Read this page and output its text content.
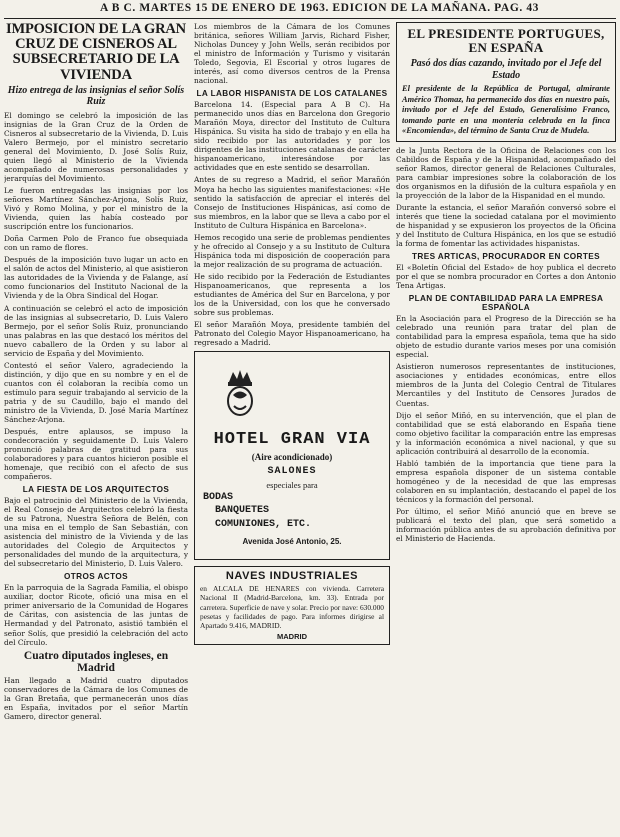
A B C. MARTES 15 DE ENERO DE 1963. EDICION DE LA MAÑANA. PAG. 43
IMPOSICION DE LA GRAN CRUZ DE CISNEROS AL SUBSECRETARIO DE LA VIVIENDA
Hizo entrega de las insignias el señor Solís Ruiz

El domingo se celebró la imposición de las insignias de la Gran Cruz de la Orden de Cisneros al subsecretario de la Vivienda, D. Luis Valero Bermejo, por el ministro secretario general del Movimiento, D. José Solís Ruiz, quien llegó al Ministerio de la Vivienda acompañado de numerosas personalidades y jerarquías del Movimiento.

Le fueron entregadas las insignias por los señores Martínez Sánchez-Arjona, Solís Ruiz, Vivó y Romo Molina, y por el ministro de la Vivienda, quien las había costeado por suscripción entre los funcionarios.

Doña Carmen Polo de Franco fue obsequiada con un ramo de flores.

Después de la imposición tuvo lugar un acto en el salón de actos del Ministerio, al que asistieron las autoridades de la Vivienda y de Falange, así como funcionarios del Instituto Nacional de la Vivienda y de la Obra Sindical del Hogar.

A continuación se celebró el acto de imposición de las insignias al subsecretario, D. Luis Valero Bermejo, por el señor Solís Ruiz, pronunciando unas palabras en las que destacó los méritos del nuevo caballero de la Orden y su labor al servicio de España y del Movimiento.

Contestó el señor Valero, agradeciendo la distinción, y dijo que en su nombre y en el de cuantos con él colaboran la recibía como un estímulo para seguir trabajando al servicio de la patria y de su Caudillo, bajo el mando del ministro de la Vivienda, D. José María Martínez Sánchez-Arjona.

Después, entre aplausos, se impuso la condecoración y seguidamente D. Luis Valero pronunció palabras de gratitud para sus colaboradores y para cuantos hicieron posible el homenaje, que recibió con el afecto de sus compañeros.

LA FIESTA DE LOS ARQUITECTOS

Bajo el patrocinio del Ministerio de la Vivienda, el Real Consejo de Arquitectos celebró la fiesta de su Patrona, Nuestra Señora de Belén, con una misa en el templo de San Sebastián, con asistencia del ministro de la Vivienda y de las autoridades del Colegio de Arquitectos y personalidades del mundo de la arquitectura, y del subsecretario del Ministerio, D. Luis Valero.

OTROS ACTOS

En la parroquia de la Sagrada Familia, el obispo auxiliar, doctor Ricote, ofició una misa en el primer aniversario de la Comunidad de Hogares de Cáritas, con asistencia de las juntas de Hermandad y del Patronato, asistió también el señor Solís, que presidió la celebración del acto del Círculo.

Cuatro diputados ingleses, en Madrid

Han llegado a Madrid cuatro diputados conservadores de la Cámara de los Comunes de la Gran Bretaña, que permanecerán unos días en España, invitados por el señor Martín Gamero, director general.

Los miembros de la Cámara de los Comunes británica, señores William Jarvis, Richard Fisher, Nicholas Duncey y John Wells, serán recibidos por el ministro de Información y Turismo y visitarán Toledo, Segovia, El Escorial y otros lugares de interés, así como diversos centros de la Prensa nacional.

LA LABOR HISPANISTA DE LOS CATALANES

Barcelona 14. (Especial para A B C). Ha permanecido unos días en Barcelona don Gregorio Marañón Moya, director del Instituto de Cultura Hispánica. Su visita ha sido de trabajo y en ella ha sido recibido por las autoridades y por los dirigentes de las instituciones catalanas de carácter hispanoamericano, interesándose por las actividades que en este sentido se desarrollan.

Antes de su regreso a Madrid, el señor Marañón Moya ha hecho las siguientes manifestaciones: «He sentido la satisfacción de apreciar el interés del Consejo de Instituciones Hispánicas, así como de sus miembros, en la labor que se lleva a cabo por el Instituto de Cultura Hispánica en Barcelona».

Hemos recogido una serie de problemas pendientes y he ofrecido al Consejo y a su Instituto de Cultura Hispánica toda mi disposición de cooperación para la mejor realización de su programa de actuación.

He sido recibido por la Federación de Estudiantes Hispanoamericanos, que representa a los estudiantes de América del Sur en Barcelona, y por los de la Universidad, con los que he conversado sobre sus problemas.

El señor Marañón Moya, presidente también del Patronato del Colegio Mayor Hispanoamericano, ha regresado a Madrid.

HOTEL GRAN VIA
(Aire acondicionado)
SALONES
especiales para
BODAS
BANQUETES
COMUNIONES, ETC.
Avenida José Antonio, 25.
NAVES INDUSTRIALES
en ALCALA DE HENARES con vivienda. Carretera Nacional II (Madrid-Barcelona, km. 33). Entrada por carretera. Superficie de nave y solar. Precio por nave: 630.000 pesetas y facilidades de pago. Para informes dirigirse al Apartado 9.416, MADRID.
MADRID
EL PRESIDENTE PORTUGUES, EN ESPAÑA
Pasó dos días cazando, invitado por el Jefe del Estado
El presidente de la República de Portugal, almirante Américo Thomaz, ha permanecido dos días en nuestro país, invitado por el Jefe del Estado, Generalísimo Franco, tomando parte en una montería celebrada en la finca «Encomienda», del término de Santa Cruz de Mudela.

de la Junta Rectora de la Oficina de Relaciones con los Cabildos de España y de la Hispanidad, acompañado del señor Ramos, director general de Relaciones Culturales, para cambiar impresiones sobre la colaboración de los dos organismos en la difusión de la cultura española y en la proyección de la labor de la Hispanidad en el mundo.

Durante la estancia, el señor Marañón conversó sobre el interés que tiene la sociedad catalana por el movimiento de hispanidad y se expusieron los proyectos de la Oficina y del Instituto de Cultura Hispánica, en los que se estudió la forma de fomentar las actividades hispanistas.

TRES ARTICAS, PROCURADOR EN CORTES

El «Boletín Oficial del Estado» de hoy publica el decreto por el que se nombra procurador en Cortes a don Antonio Tena Artigas.

PLAN DE CONTABILIDAD PARA LA EMPRESA ESPAÑOLA

En la Asociación para el Progreso de la Dirección se ha celebrado una reunión para tratar del plan de contabilidad para la empresa española, tema que ha sido objeto de estudio durante varios meses por una comisión especial.

Asistieron numerosos representantes de instituciones, asociaciones y entidades económicas, entre ellos miembros de la Junta del Colegio Central de Titulares Mercantiles y del Instituto de Censores Jurados de Cuentas.

Dijo el señor Miñó, en su intervención, que el plan de contabilidad que se está elaborando en España tiene como objetivo facilitar la comparación entre las empresas y la información económica a nivel nacional, y que su aplicación contribuirá al desarrollo de la economía.

Habló también de la importancia que tiene para la empresa española disponer de un sistema contable homogéneo y de la necesidad de que las empresas colaboren en su implantación, destacando el papel de los técnicos y la formación del personal.

Por último, el señor Miñó anunció que en breve se publicará el texto del plan, que será sometido a información pública antes de su aprobación definitiva por el Ministerio de Hacienda.
